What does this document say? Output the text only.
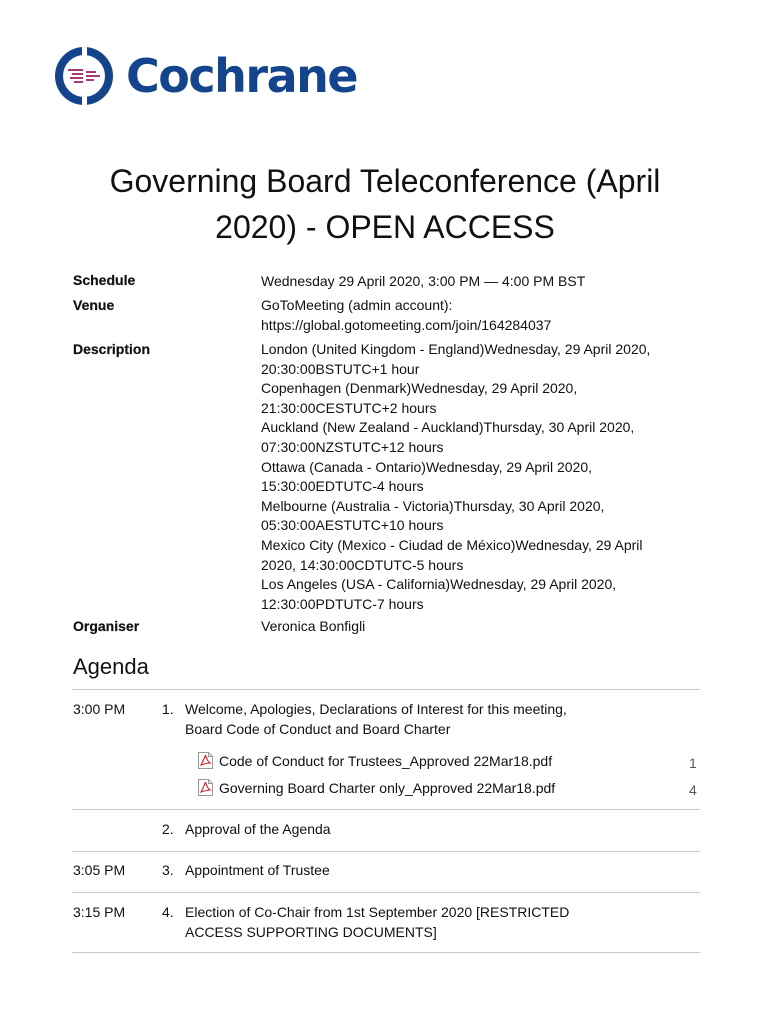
Cochrane
Governing Board Teleconference (April
2020) - OPEN ACCESS
Schedule	Wednesday 29 April 2020, 3:00 PM — 4:00 PM BST
Venue	GoToMeeting (admin account):
https://global.gotomeeting.com/join/164284037
Description	London (United Kingdom - England)Wednesday, 29 April 2020,
20:30:00BSTUTC+1 hour
Copenhagen (Denmark)Wednesday, 29 April 2020,
21:30:00CESTUTC+2 hours
Auckland (New Zealand - Auckland)Thursday, 30 April 2020,
07:30:00NZSTUTC+12 hours
Ottawa (Canada - Ontario)Wednesday, 29 April 2020,
15:30:00EDTUTC-4 hours
Melbourne (Australia - Victoria)Thursday, 30 April 2020,
05:30:00AESTUTC+10 hours
Mexico City (Mexico - Ciudad de México)Wednesday, 29 April
2020, 14:30:00CDTUTC-5 hours
Los Angeles (USA - California)Wednesday, 29 April 2020,
12:30:00PDTUTC-7 hours
Organiser	Veronica Bonfigli
Agenda
3:00 PM	1. Welcome, Apologies, Declarations of Interest for this meeting,
Board Code of Conduct and Board Charter
Code of Conduct for Trustees_Approved 22Mar18.pdf	1
Governing Board Charter only_Approved 22Mar18.pdf	4
2. Approval of the Agenda
3:05 PM	3. Appointment of Trustee
3:15 PM	4. Election of Co-Chair from 1st September 2020 [RESTRICTED
ACCESS SUPPORTING DOCUMENTS]
